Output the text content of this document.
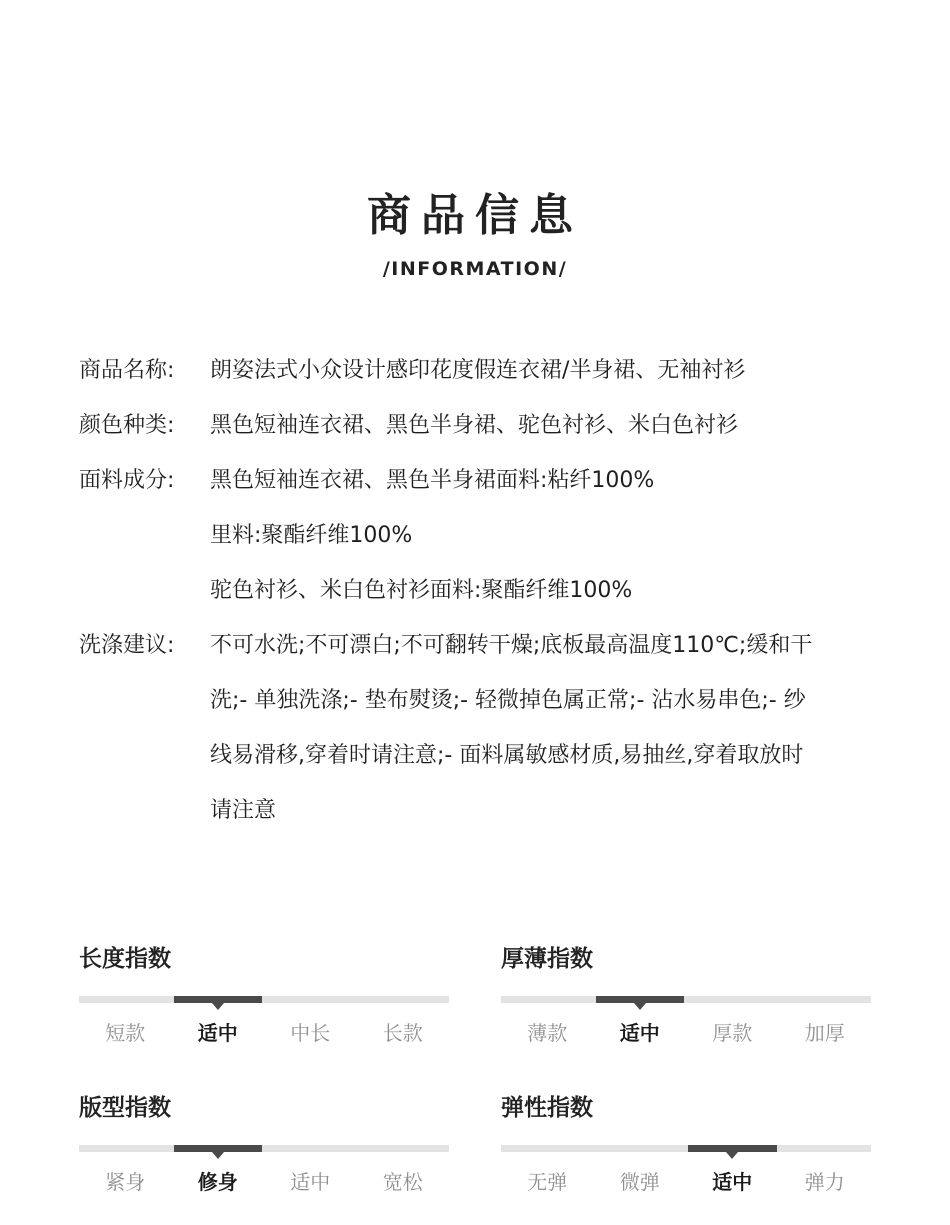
商品信息
/INFORMATION/
商品名称:	朗姿法式小众设计感印花度假连衣裙/半身裙、无袖衬衫
颜色种类:	黑色短袖连衣裙、黑色半身裙、驼色衬衫、米白色衬衫
面料成分:	黑色短袖连衣裙、黑色半身裙面料:粘纤100%
里料:聚酯纤维100%
驼色衬衫、米白色衬衫面料:聚酯纤维100%
洗涤建议:	不可水洗;不可漂白;不可翻转干燥;底板最高温度110℃;缓和干
洗;- 单独洗涤;- 垫布熨烫;- 轻微掉色属正常;- 沾水易串色;- 纱
线易滑移,穿着时请注意;- 面料属敏感材质,易抽丝,穿着取放时
请注意
长度指数
短款	适中	中长	长款
厚薄指数
薄款	适中	厚款	加厚
版型指数
紧身	修身	适中	宽松
弹性指数
无弹	微弹	适中	弹力
